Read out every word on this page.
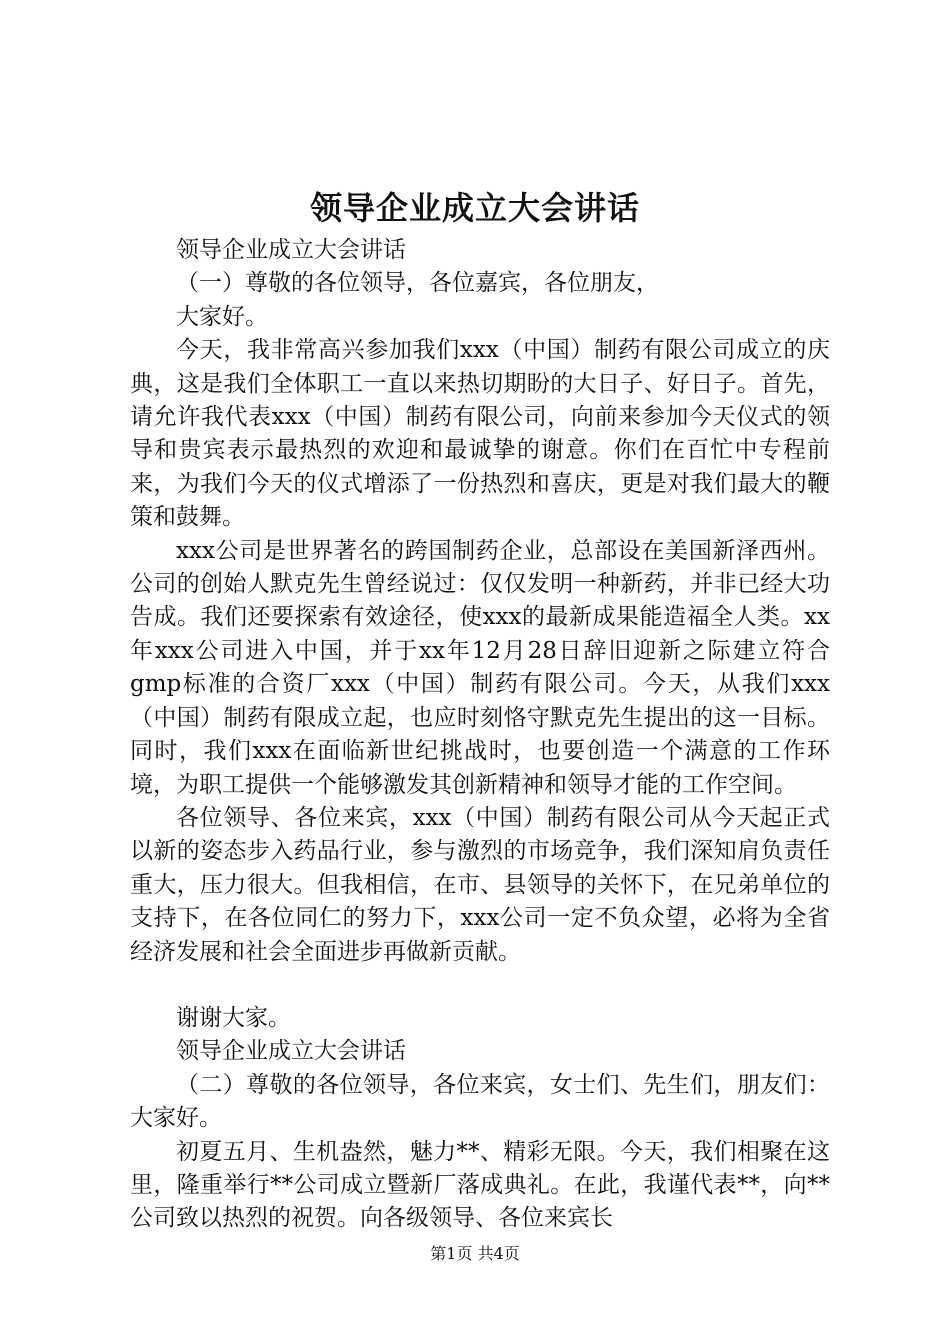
领导企业成立大会讲话

领导企业成立大会讲话

（一）尊敬的各位领导，各位嘉宾，各位朋友，

大家好。

今天，我非常高兴参加我们xxx（中国）制药有限公司成立的庆典，这是我们全体职工一直以来热切期盼的大日子、好日子。首先，请允许我代表xxx（中国）制药有限公司，向前来参加今天仪式的领导和贵宾表示最热烈的欢迎和最诚挚的谢意。你们在百忙中专程前来，为我们今天的仪式增添了一份热烈和喜庆，更是对我们最大的鞭策和鼓舞。

xxx公司是世界著名的跨国制药企业，总部设在美国新泽西州。公司的创始人默克先生曾经说过：仅仅发明一种新药，并非已经大功告成。我们还要探索有效途径，使xxx的最新成果能造福全人类。xx年xxx公司进入中国，并于xx年12月28日辞旧迎新之际建立符合gmp标准的合资厂xxx（中国）制药有限公司。今天，从我们xxx（中国）制药有限成立起，也应时刻恪守默克先生提出的这一目标。同时，我们xxx在面临新世纪挑战时，也要创造一个满意的工作环境，为职工提供一个能够激发其创新精神和领导才能的工作空间。

各位领导、各位来宾，xxx（中国）制药有限公司从今天起正式以新的姿态步入药品行业，参与激烈的市场竞争，我们深知肩负责任重大，压力很大。但我相信，在市、县领导的关怀下，在兄弟单位的支持下，在各位同仁的努力下，xxx公司一定不负众望，必将为全省经济发展和社会全面进步再做新贡献。

谢谢大家。

领导企业成立大会讲话

（二）尊敬的各位领导，各位来宾，女士们、先生们，朋友们：大家好。

初夏五月、生机盎然，魅力**、精彩无限。今天，我们相聚在这里，隆重举行**公司成立暨新厂落成典礼。在此，我谨代表**，向**公司致以热烈的祝贺。向各级领导、各位来宾长

第1页 共4页
